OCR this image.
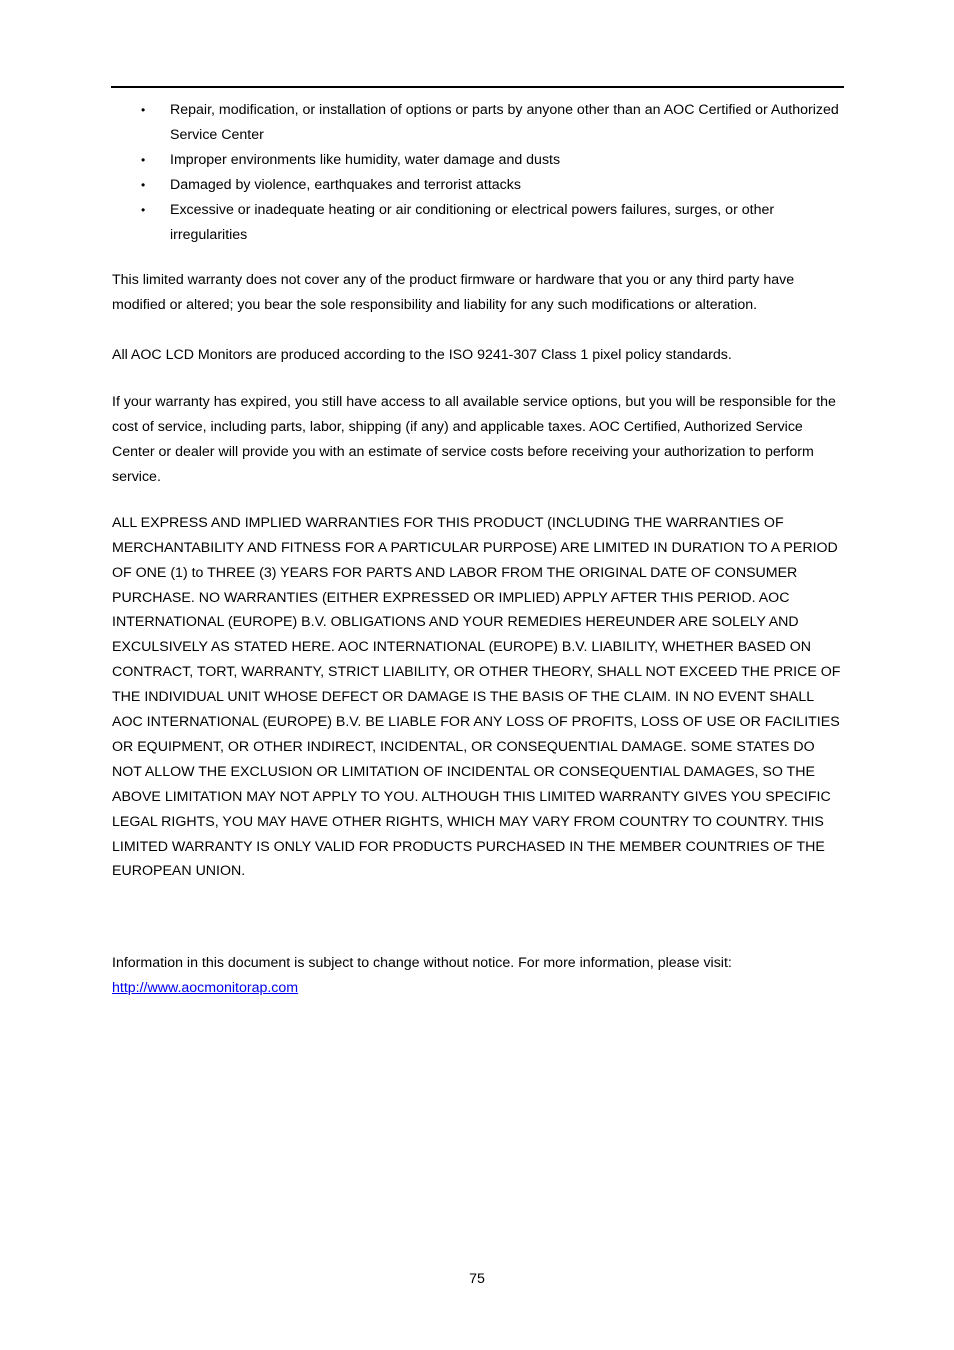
• Repair, modification, or installation of options or parts by anyone other than an AOC Certified or Authorized Service Center
• Improper environments like humidity, water damage and dusts
• Damaged by violence, earthquakes and terrorist attacks
• Excessive or inadequate heating or air conditioning or electrical powers failures, surges, or other irregularities

This limited warranty does not cover any of the product firmware or hardware that you or any third party have modified or altered; you bear the sole responsibility and liability for any such modifications or alteration.

All AOC LCD Monitors are produced according to the ISO 9241-307 Class 1 pixel policy standards.

If your warranty has expired, you still have access to all available service options, but you will be responsible for the cost of service, including parts, labor, shipping (if any) and applicable taxes. AOC Certified, Authorized Service Center or dealer will provide you with an estimate of service costs before receiving your authorization to perform service.

ALL EXPRESS AND IMPLIED WARRANTIES FOR THIS PRODUCT (INCLUDING THE WARRANTIES OF MERCHANTABILITY AND FITNESS FOR A PARTICULAR PURPOSE) ARE LIMITED IN DURATION TO A PERIOD OF ONE (1) to THREE (3) YEARS FOR PARTS AND LABOR FROM THE ORIGINAL DATE OF CONSUMER PURCHASE. NO WARRANTIES (EITHER EXPRESSED OR IMPLIED) APPLY AFTER THIS PERIOD. AOC INTERNATIONAL (EUROPE) B.V. OBLIGATIONS AND YOUR REMEDIES HEREUNDER ARE SOLELY AND EXCULSIVELY AS STATED HERE. AOC INTERNATIONAL (EUROPE) B.V. LIABILITY, WHETHER BASED ON CONTRACT, TORT, WARRANTY, STRICT LIABILITY, OR OTHER THEORY, SHALL NOT EXCEED THE PRICE OF THE INDIVIDUAL UNIT WHOSE DEFECT OR DAMAGE IS THE BASIS OF THE CLAIM. IN NO EVENT SHALL AOC INTERNATIONAL (EUROPE) B.V. BE LIABLE FOR ANY LOSS OF PROFITS, LOSS OF USE OR FACILITIES OR EQUIPMENT, OR OTHER INDIRECT, INCIDENTAL, OR CONSEQUENTIAL DAMAGE. SOME STATES DO NOT ALLOW THE EXCLUSION OR LIMITATION OF INCIDENTAL OR CONSEQUENTIAL DAMAGES, SO THE ABOVE LIMITATION MAY NOT APPLY TO YOU. ALTHOUGH THIS LIMITED WARRANTY GIVES YOU SPECIFIC LEGAL RIGHTS, YOU MAY HAVE OTHER RIGHTS, WHICH MAY VARY FROM COUNTRY TO COUNTRY. THIS LIMITED WARRANTY IS ONLY VALID FOR PRODUCTS PURCHASED IN THE MEMBER COUNTRIES OF THE EUROPEAN UNION.

Information in this document is subject to change without notice. For more information, please visit:
http://www.aocmonitorap.com

75
